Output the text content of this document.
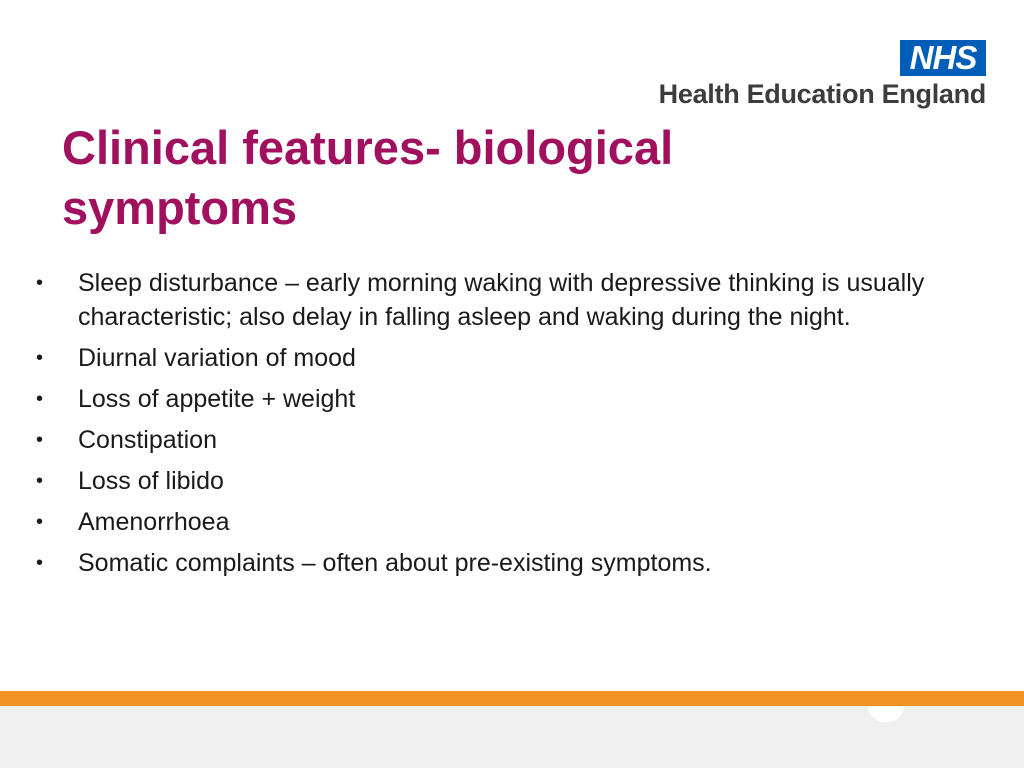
NHS
Health Education England
Clinical features- biological symptoms
•	Sleep disturbance – early morning waking with depressive thinking is usually characteristic; also delay in falling asleep and waking during the night.
•	Diurnal variation of mood
•	Loss of appetite + weight
•	Constipation
•	Loss of libido
•	Amenorrhoea
•	Somatic complaints – often about pre-existing symptoms.
